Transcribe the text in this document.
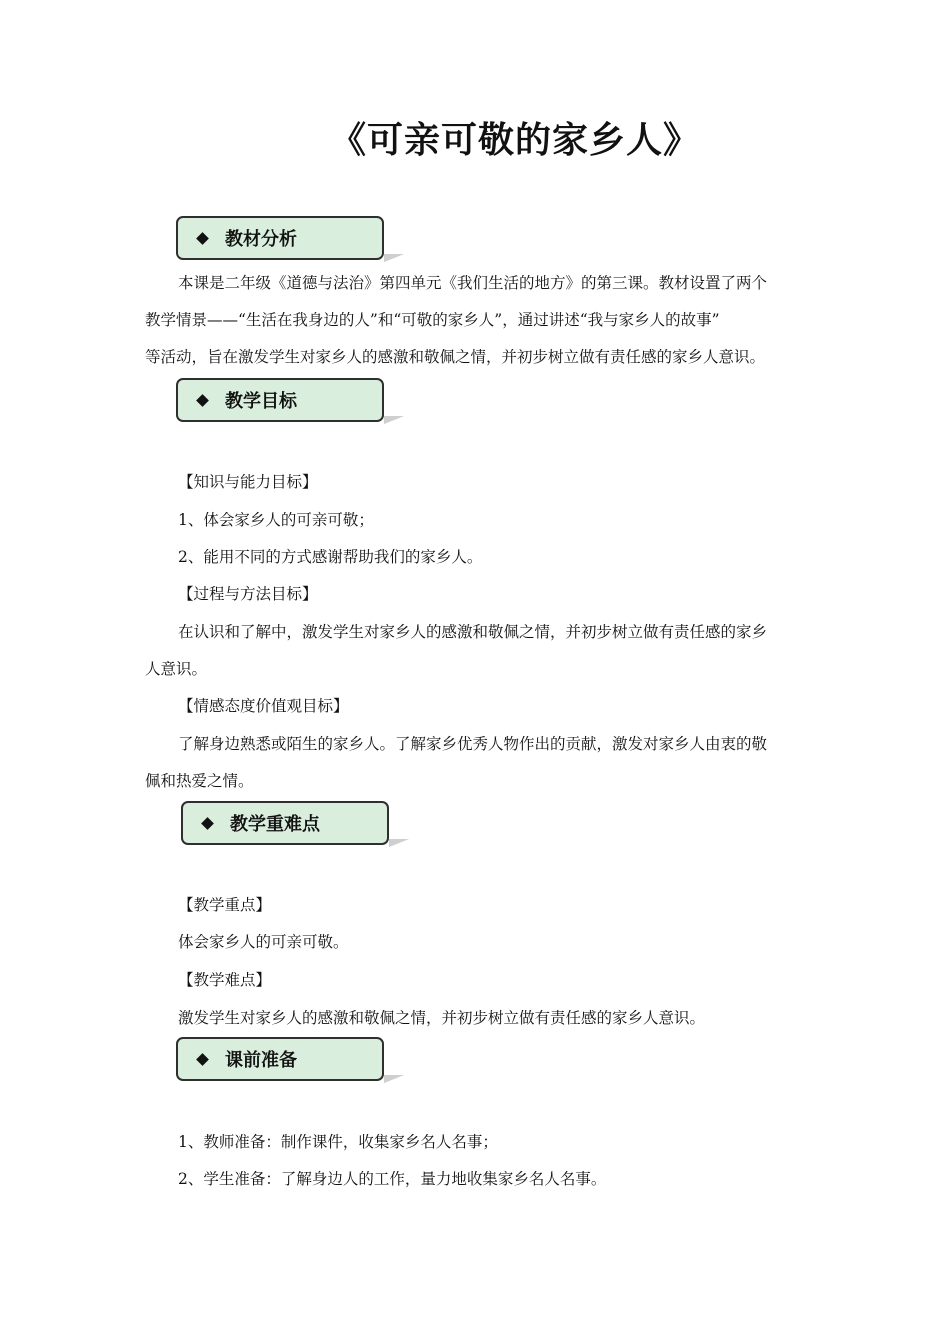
《可亲可敬的家乡人》
教材分析
本课是二年级《道德与法治》第四单元《我们生活的地方》的第三课。教材设置了两个
教学情景——“生活在我身边的人”和“可敬的家乡人”，通过讲述“我与家乡人的故事”
等活动，旨在激发学生对家乡人的感激和敬佩之情，并初步树立做有责任感的家乡人意识。
教学目标
【知识与能力目标】
1、体会家乡人的可亲可敬；
2、能用不同的方式感谢帮助我们的家乡人。
【过程与方法目标】
在认识和了解中，激发学生对家乡人的感激和敬佩之情，并初步树立做有责任感的家乡
人意识。
【情感态度价值观目标】
了解身边熟悉或陌生的家乡人。了解家乡优秀人物作出的贡献，激发对家乡人由衷的敬
佩和热爱之情。
教学重难点
【教学重点】
体会家乡人的可亲可敬。
【教学难点】
激发学生对家乡人的感激和敬佩之情，并初步树立做有责任感的家乡人意识。
课前准备
1、教师准备：制作课件，收集家乡名人名事；
2、学生准备：了解身边人的工作，量力地收集家乡名人名事。
